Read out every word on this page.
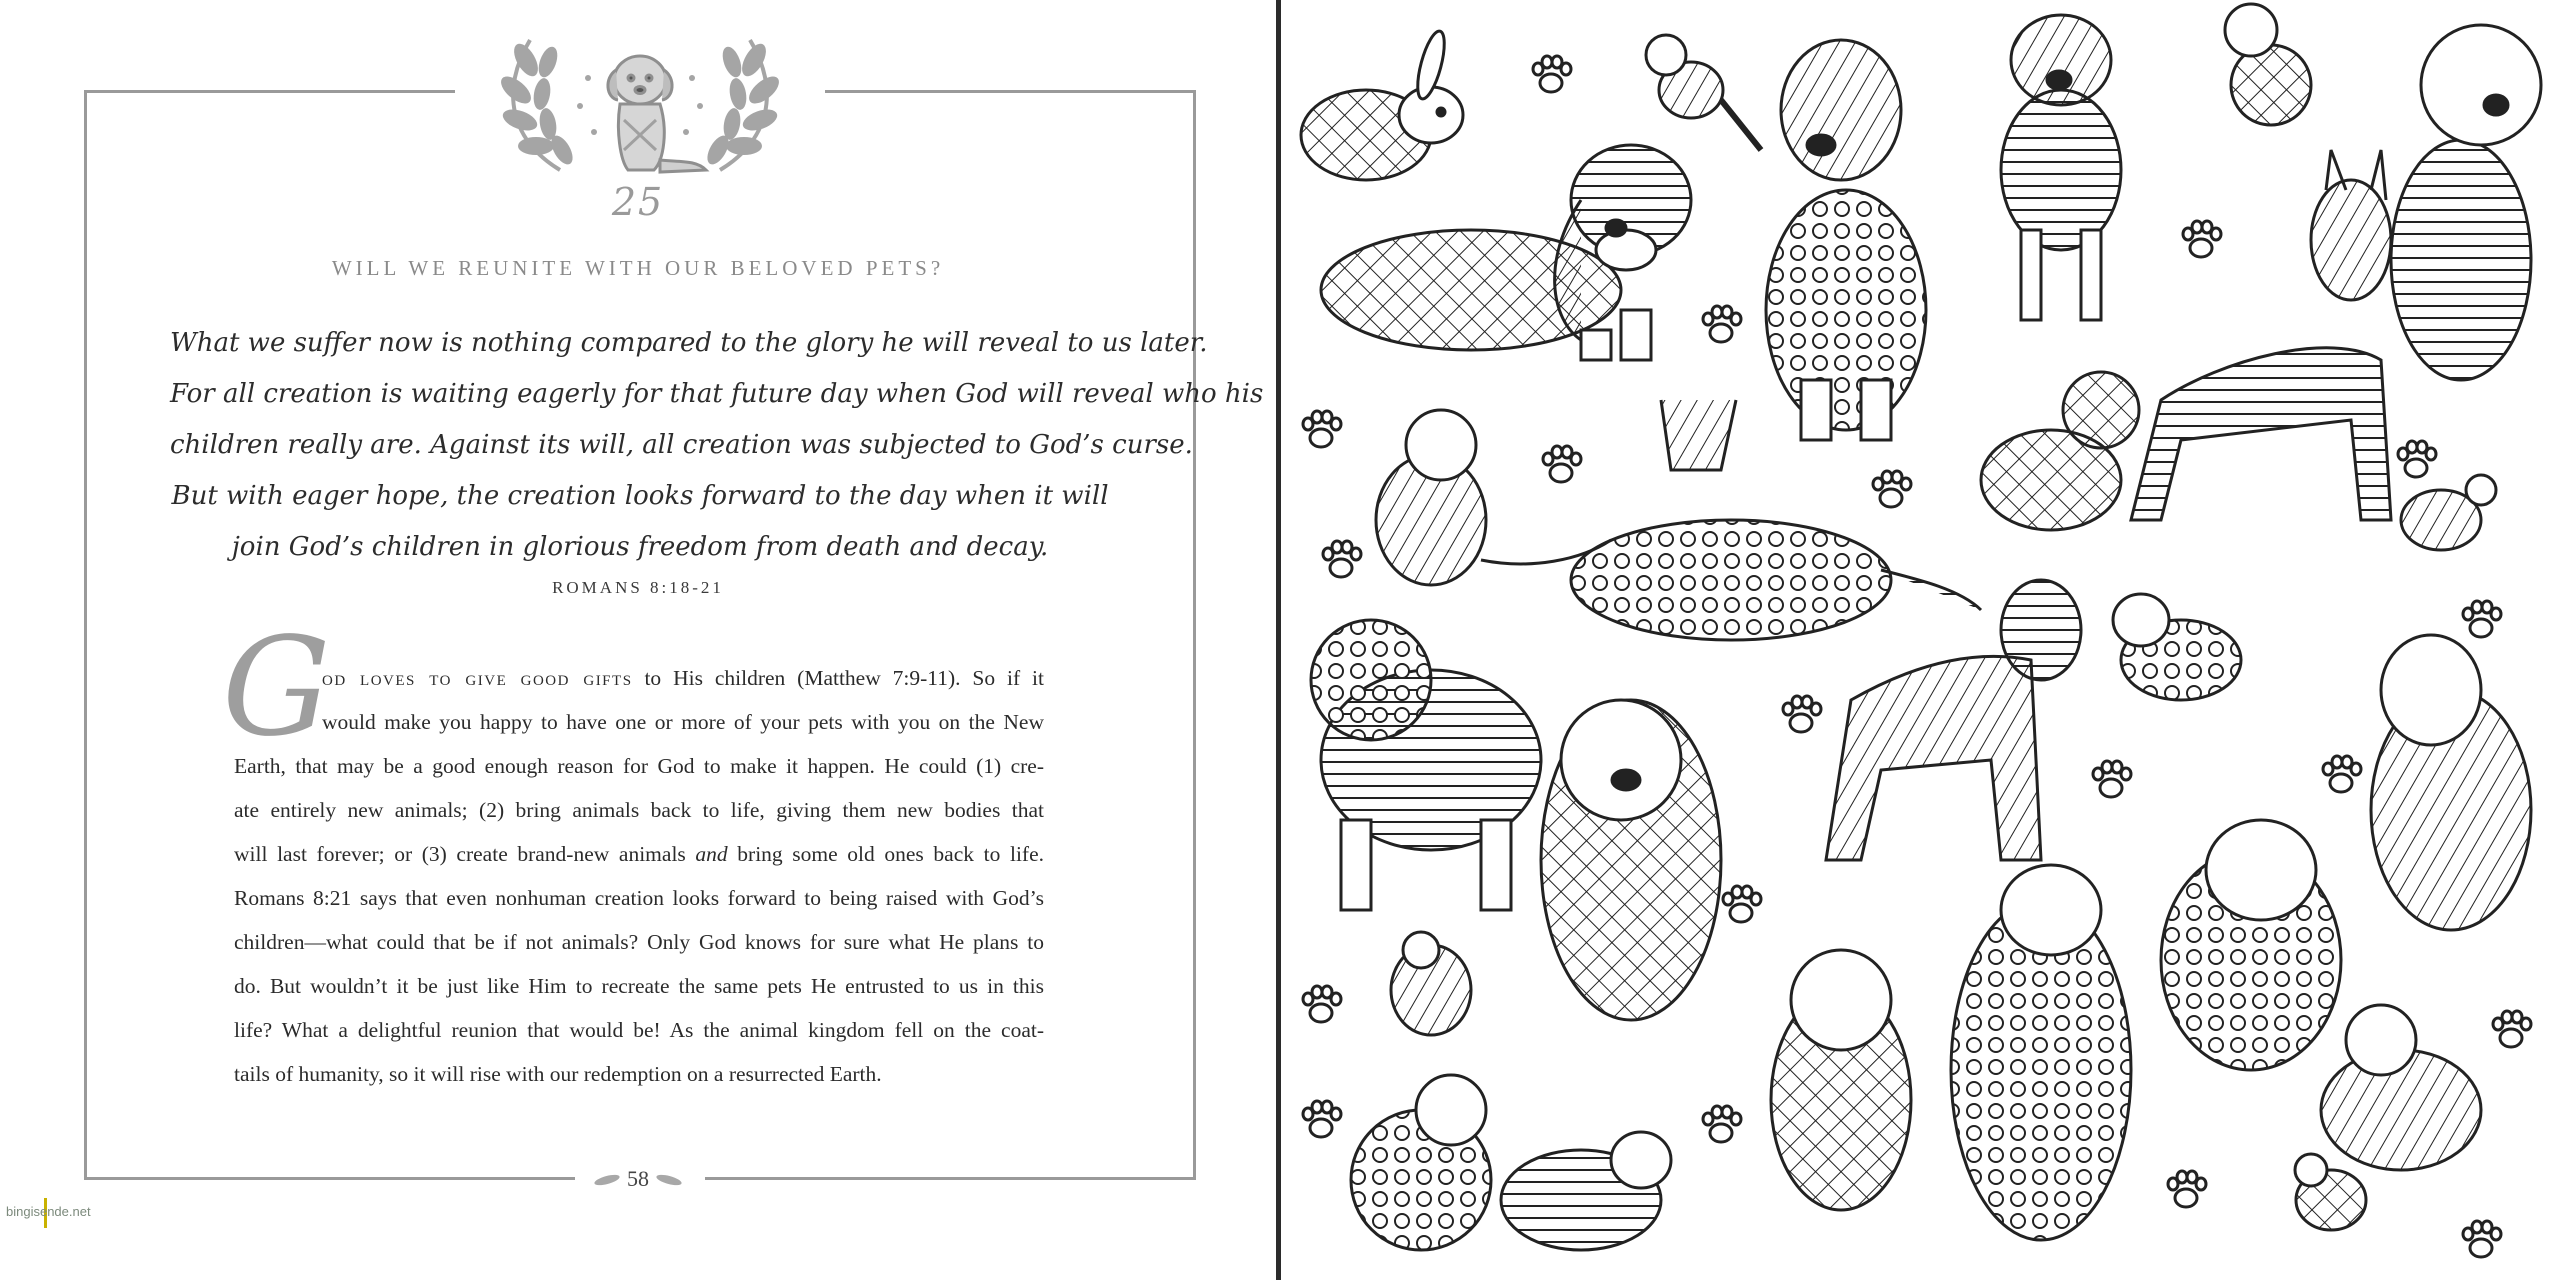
25
WILL WE REUNITE WITH OUR BELOVED PETS?
What we suffer now is nothing compared to the glory he will reveal to us later.
For all creation is waiting eagerly for that future day when God will reveal who his
children really are. Against its will, all creation was subjected to God’s curse.
But with eager hope, the creation looks forward to the day when it will
join God’s children in glorious freedom from death and decay.
ROMANS 8:18-21
G
od loves to give good gifts to His children (Matthew 7:9-11). So if it
would make you happy to have one or more of your pets with you on the New
Earth, that may be a good enough reason for God to make it happen. He could (1) cre-
ate entirely new animals; (2) bring animals back to life, giving them new bodies that
will last forever; or (3) create brand-new animals and bring some old ones back to life.
Romans 8:21 says that even nonhuman creation looks forward to being raised with God’s
children—what could that be if not animals? Only God knows for sure what He plans to
do. But wouldn’t it be just like Him to recreate the same pets He entrusted to us in this
life? What a delightful reunion that would be! As the animal kingdom fell on the coat-
tails of humanity, so it will rise with our redemption on a resurrected Earth.
58
bingisende.net
